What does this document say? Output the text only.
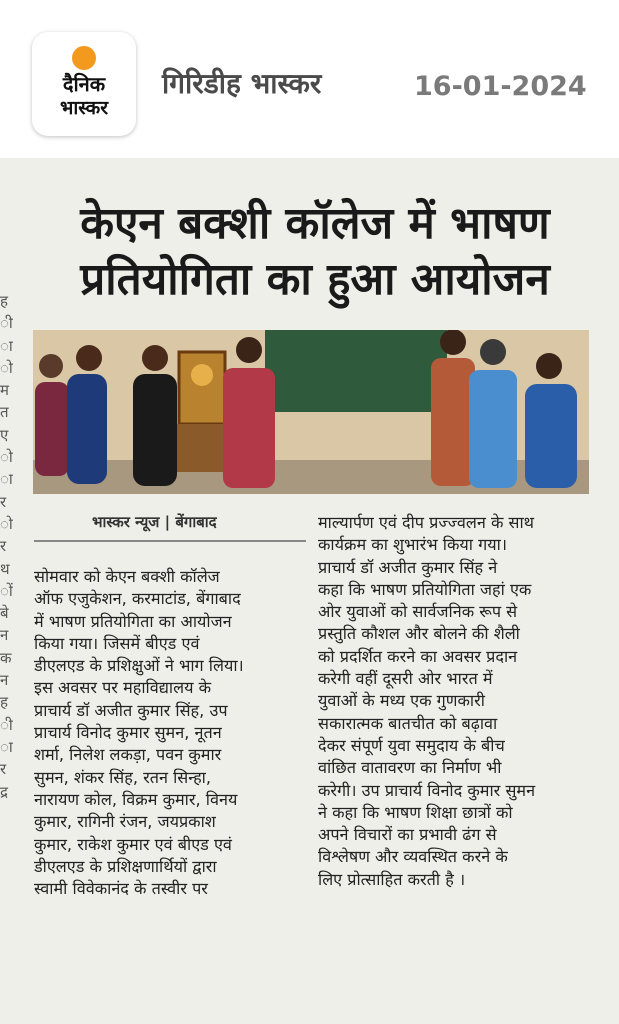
दैनिक
भास्कर
गिरिडीह भास्कर	16-01-2024
ह
ी
ा
ो
म
त
ए
ो
ा
र
ो
र
थ
ों
बे
न
क
न
ह
ी
ा
र
द्र
केएन बक्शी कॉलेज में भाषण
प्रतियोगिता का हुआ आयोजन
भास्कर न्यूज | बेंगाबाद
सोमवार को केएन बक्शी कॉलेज
ऑफ एजुकेशन, करमाटांड, बेंगाबाद
में भाषण प्रतियोगिता का आयोजन
किया गया। जिसमें बीएड एवं
डीएलएड के प्रशिक्षुओं ने भाग लिया।
इस अवसर पर महाविद्यालय के
प्राचार्य डॉ अजीत कुमार सिंह, उप
प्राचार्य विनोद कुमार सुमन, नूतन
शर्मा, निलेश लकड़ा, पवन कुमार
सुमन, शंकर सिंह, रतन सिन्हा,
नारायण कोल, विक्रम कुमार, विनय
कुमार, रागिनी रंजन, जयप्रकाश
कुमार, राकेश कुमार एवं बीएड एवं
डीएलएड के प्रशिक्षणार्थियों द्वारा
स्वामी विवेकानंद के तस्वीर पर
माल्यार्पण एवं दीप प्रज्ज्वलन के साथ
कार्यक्रम का शुभारंभ किया गया।
प्राचार्य डॉ अजीत कुमार सिंह ने
कहा कि भाषण प्रतियोगिता जहां एक
ओर युवाओं को सार्वजनिक रूप से
प्रस्तुति कौशल और बोलने की शैली
को प्रदर्शित करने का अवसर प्रदान
करेगी वहीं दूसरी ओर भारत में
युवाओं के मध्य एक गुणकारी
सकारात्मक बातचीत को बढ़ावा
देकर संपूर्ण युवा समुदाय के बीच
वांछित वातावरण का निर्माण भी
करेगी। उप प्राचार्य विनोद कुमार सुमन
ने कहा कि भाषण शिक्षा छात्रों को
अपने विचारों का प्रभावी ढंग से
विश्लेषण और व्यवस्थित करने के
लिए प्रोत्साहित करती है ।
